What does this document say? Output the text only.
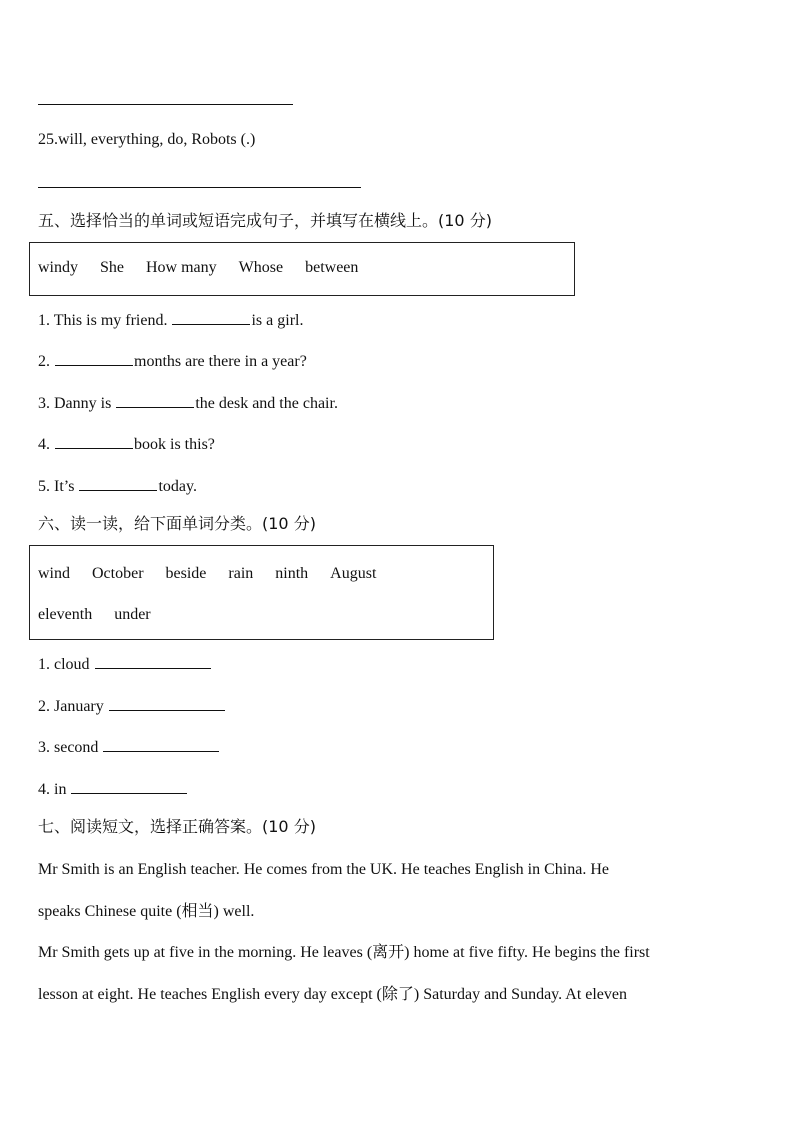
25.will, everything, do, Robots (.)
五、选择恰当的单词或短语完成句子，并填写在横线上。(10 分)
windy She How many Whose between
1. This is my friend.	is a girl.
2.	months are there in a year?
3. Danny is	the desk and the chair.
4.	book is this?
5. It’s	today.
六、读一读，给下面单词分类。(10 分)
wind October beside rain ninth August
eleventh under
1. cloud
2. January
3. second
4. in
七、阅读短文，选择正确答案。(10 分)
Mr Smith is an English teacher. He comes from the UK. He teaches English in China. He
speaks Chinese quite (相当) well.
Mr Smith gets up at five in the morning. He leaves (离开) home at five fifty. He begins the first
lesson at eight. He teaches English every day except (除了) Saturday and Sunday. At eleven
